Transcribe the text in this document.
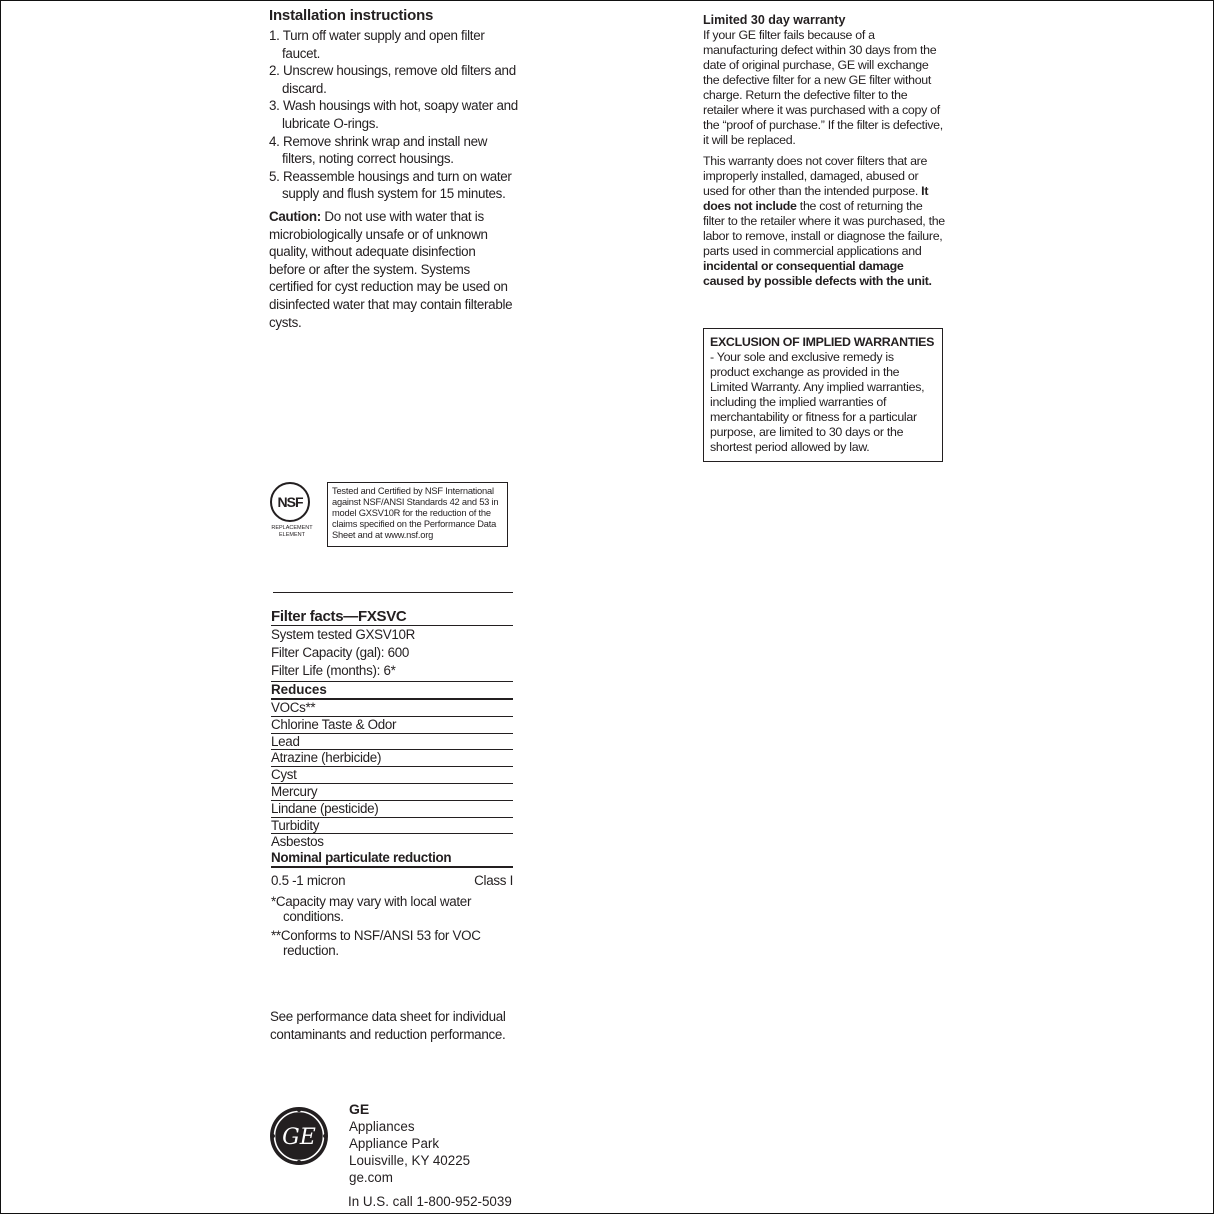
Installation instructions
1. Turn off water supply and open filter faucet.
2. Unscrew housings, remove old filters and discard.
3. Wash housings with hot, soapy water and lubricate O-rings.
4. Remove shrink wrap and install new filters, noting correct housings.
5. Reassemble housings and turn on water supply and flush system for 15 minutes.
Caution: Do not use with water that is microbiologically unsafe or of unknown quality, without adequate disinfection before or after the system. Systems certified for cyst reduction may be used on disinfected water that may contain filterable cysts.
NSF
REPLACEMENT ELEMENT
Tested and Certified by NSF International against NSF/ANSI Standards 42 and 53 in model GXSV10R for the reduction of the claims specified on the Performance Data Sheet and at www.nsf.org
Filter facts—FXSVC
System tested GXSV10R
Filter Capacity (gal): 600
Filter Life (months): 6*
Reduces
VOCs**
Chlorine Taste & Odor
Lead
Atrazine (herbicide)
Cyst
Mercury
Lindane (pesticide)
Turbidity
Asbestos
Nominal particulate reduction
0.5 -1 micron	Class I
*Capacity may vary with local water conditions.
**Conforms to NSF/ANSI 53 for VOC reduction.
See performance data sheet for individual contaminants and reduction performance.
GE
GE
Appliances
Appliance Park
Louisville, KY 40225
ge.com
In U.S. call 1-800-952-5039
Limited 30 day warranty

If your GE filter fails because of a manufacturing defect within 30 days from the date of original purchase, GE will exchange the defective filter for a new GE filter without charge. Return the defective filter to the retailer where it was purchased with a copy of the “proof of purchase.” If the filter is defective, it will be replaced.

This warranty does not cover filters that are improperly installed, damaged, abused or used for other than the intended purpose. It does not include the cost of returning the filter to the retailer where it was purchased, the labor to remove, install or diagnose the failure, parts used in commercial applications and incidental or consequential damage caused by possible defects with the unit.

EXCLUSION OF IMPLIED WARRANTIES - Your sole and exclusive remedy is product exchange as provided in the Limited Warranty. Any implied warranties, including the implied warranties of merchantability or fitness for a particular purpose, are limited to 30 days or the shortest period allowed by law.
